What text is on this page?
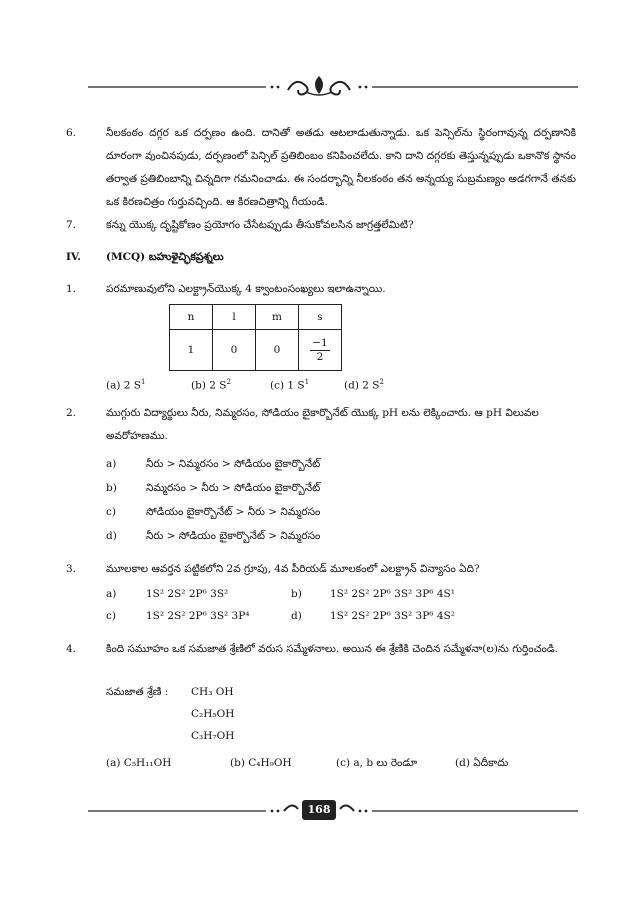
6.	నీలకంఠం దగ్గర ఒక దర్పణం ఉంది. దానితో అతడు ఆటలాడుతున్నాడు. ఒక పెన్సిల్‌ను స్థిరంగావున్న దర్పణానికి దూరంగా వుంచినపుడు, దర్పణంలో పెన్సిల్ ప్రతిబింబం కనిపించలేదు. కాని దాని దగ్గరకు తెస్తున్నప్పుడు ఒకానొక స్థానం తర్వాత ప్రతిబింబాన్ని చిన్నదిగా గమనించాడు. ఈ సందర్భాన్ని నీలకంఠం తన అన్నయ్య సుబ్రమణ్యం అడగగానే తనకు ఒక కిరణచిత్రం గుర్తువచ్చింది. ఆ కిరణచిత్రాన్ని గీయండి.
7.	కన్ను యొక్క దృష్టికోణం ప్రయోగం చేసేటప్పుడు తీసుకోవలసిన జాగ్రత్తలేమిటి?
IV.	(MCQ) బహుళైచ్ఛికప్రశ్నలు
1.	పరమాణువులోని ఎలక్ట్రాన్‌యొక్క 4 క్వాంటంసంఖ్యలు ఇలాఉన్నాయి.
n	l	m	s
1	0	0	$\frac{-1}{2}$
(a) 2 $S^1$	(b) 2 $S^2$	(c) 1 $S^1$	(d) 2 $S^2$
2.	ముగ్గురు విద్యార్థులు నీరు, నిమ్మరసం, సోడియం బైకార్బొనేట్ యొక్క pH లను లెక్కించారు. ఆ pH విలువల అవరోహణము.
a)	నీరు > నిమ్మరసం > సోడియం బైకార్బొనేట్
b)	నిమ్మరసం > నీరు > సోడియం బైకార్బొనేట్
c)	సోడియం బైకార్బొనేట్ > నీరు > నిమ్మరసం
d)	నీరు > సోడియం బైకార్బొనేట్ > నిమ్మరసం
3.	మూలకాల ఆవర్తన పట్టికలోని 2వ గ్రూపు, 4వ పీరియడ్ మూలకంలో ఎలక్ట్రాన్ విన్యాసం ఏది?
a)	1S² 2S² 2P⁶ 3S²	b)	1S² 2S² 2P⁶ 3S² 3P⁶ 4S¹
c)	1S² 2S² 2P⁶ 3S² 3P⁴	d)	1S² 2S² 2P⁶ 3S² 3P⁶ 4S²
4.	కింది సమూహం ఒక సమజాత శ్రేణిలో వరుస సమ్మేళనాలు. అయిన ఈ శ్రేణికి చెందిన సమ్మేళనా(ల)ను గుర్తించండి.
సమజాత శ్రేణి : CH₃ OH
C₂H₅OH
C₃H₇OH
(a) C₅H₁₁OH	(b) C₄H₉OH	(c) a, b లు రెండూ	(d) ఏదీకాదు
168
